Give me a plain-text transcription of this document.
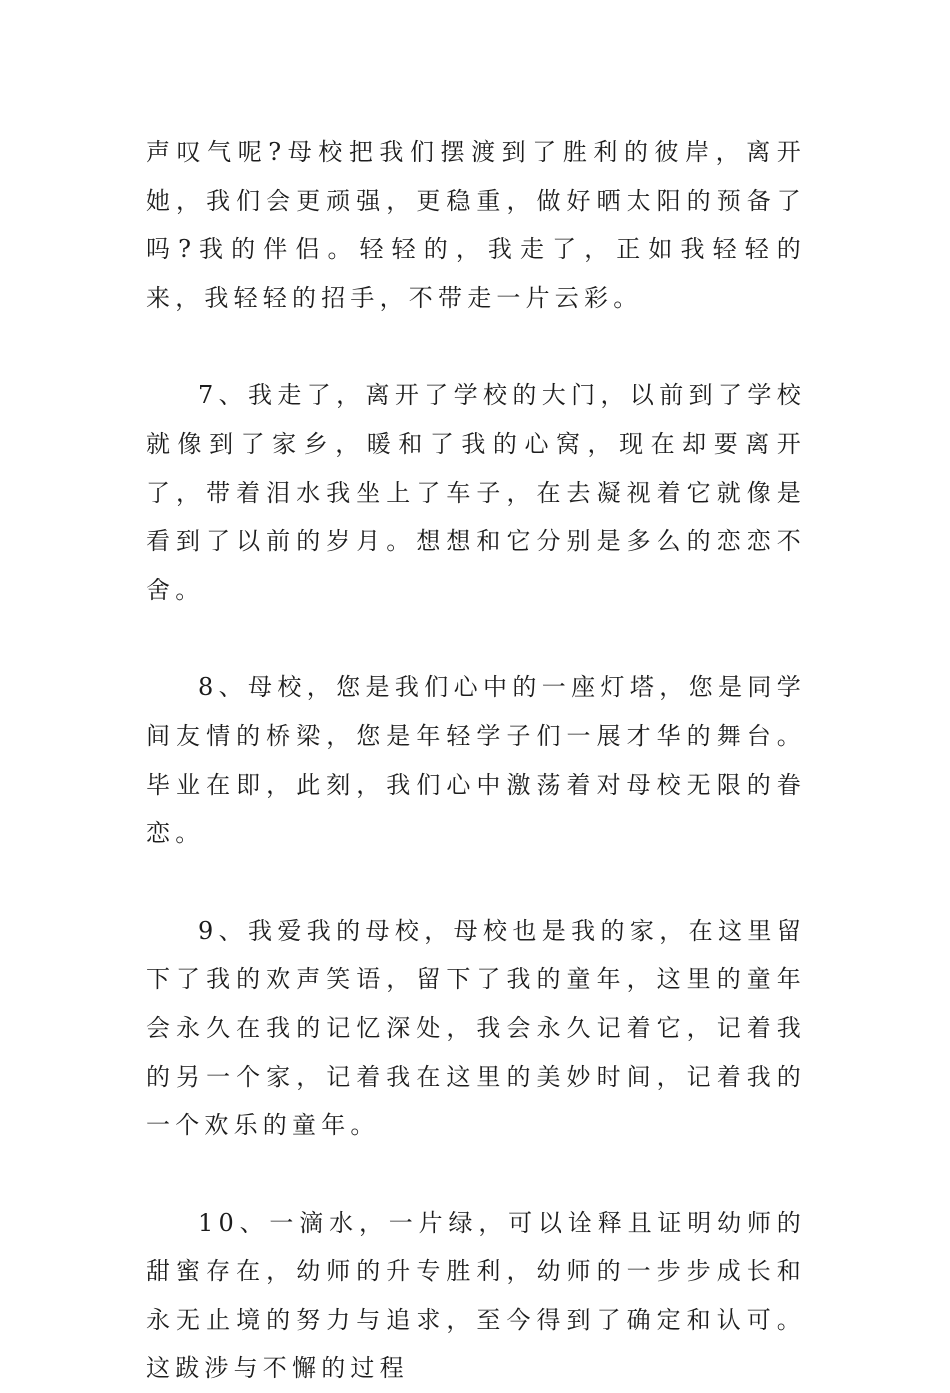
声叹气呢?母校把我们摆渡到了胜利的彼岸，离开她，我们会更顽强，更稳重，做好晒太阳的预备了吗?我的伴侣。轻轻的，我走了，正如我轻轻的来，我轻轻的招手，不带走一片云彩。

7、我走了，离开了学校的大门，以前到了学校就像到了家乡，暖和了我的心窝，现在却要离开了，带着泪水我坐上了车子，在去凝视着它就像是看到了以前的岁月。想想和它分别是多么的恋恋不舍。

8、母校，您是我们心中的一座灯塔，您是同学间友情的桥梁，您是年轻学子们一展才华的舞台。毕业在即，此刻，我们心中激荡着对母校无限的眷恋。

9、我爱我的母校，母校也是我的家，在这里留下了我的欢声笑语，留下了我的童年，这里的童年会永久在我的记忆深处，我会永久记着它，记着我的另一个家，记着我在这里的美妙时间，记着我的一个欢乐的童年。

10、一滴水，一片绿，可以诠释且证明幼师的甜蜜存在，幼师的升专胜利，幼师的一步步成长和永无止境的努力与追求，至今得到了确定和认可。这跋涉与不懈的过程
